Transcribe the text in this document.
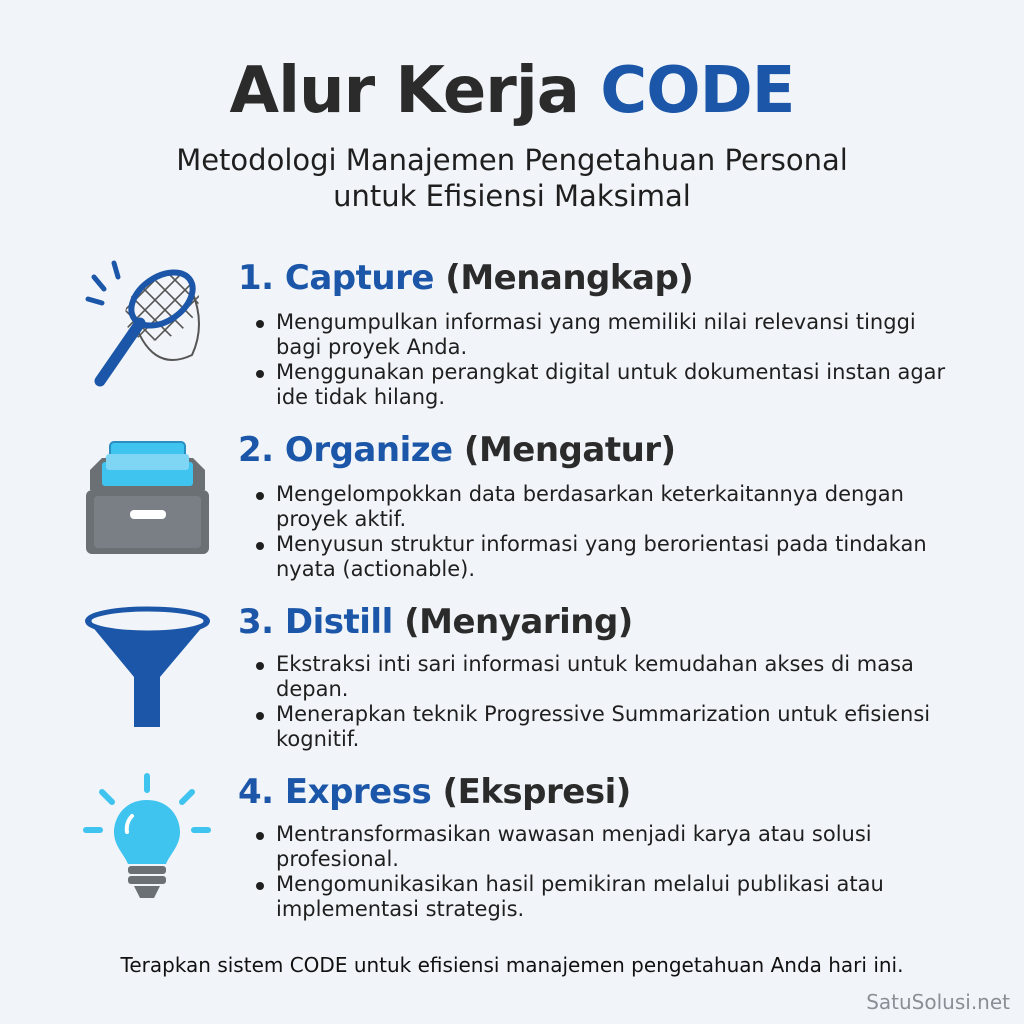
Alur Kerja CODE
Metodologi Manajemen Pengetahuan Personal
untuk Efisiensi Maksimal
1. Capture (Menangkap)
Mengumpulkan informasi yang memiliki nilai relevansi tinggi bagi proyek Anda.
Menggunakan perangkat digital untuk dokumentasi instan agar ide tidak hilang.
2. Organize (Mengatur)
Mengelompokkan data berdasarkan keterkaitannya dengan proyek aktif.
Menyusun struktur informasi yang berorientasi pada tindakan nyata (actionable).
3. Distill (Menyaring)
Ekstraksi inti sari informasi untuk kemudahan akses di masa depan.
Menerapkan teknik Progressive Summarization untuk efisiensi kognitif.
4. Express (Ekspresi)
Mentransformasikan wawasan menjadi karya atau solusi profesional.
Mengomunikasikan hasil pemikiran melalui publikasi atau implementasi strategis.
Terapkan sistem CODE untuk efisiensi manajemen pengetahuan Anda hari ini.
SatuSolusi.net
